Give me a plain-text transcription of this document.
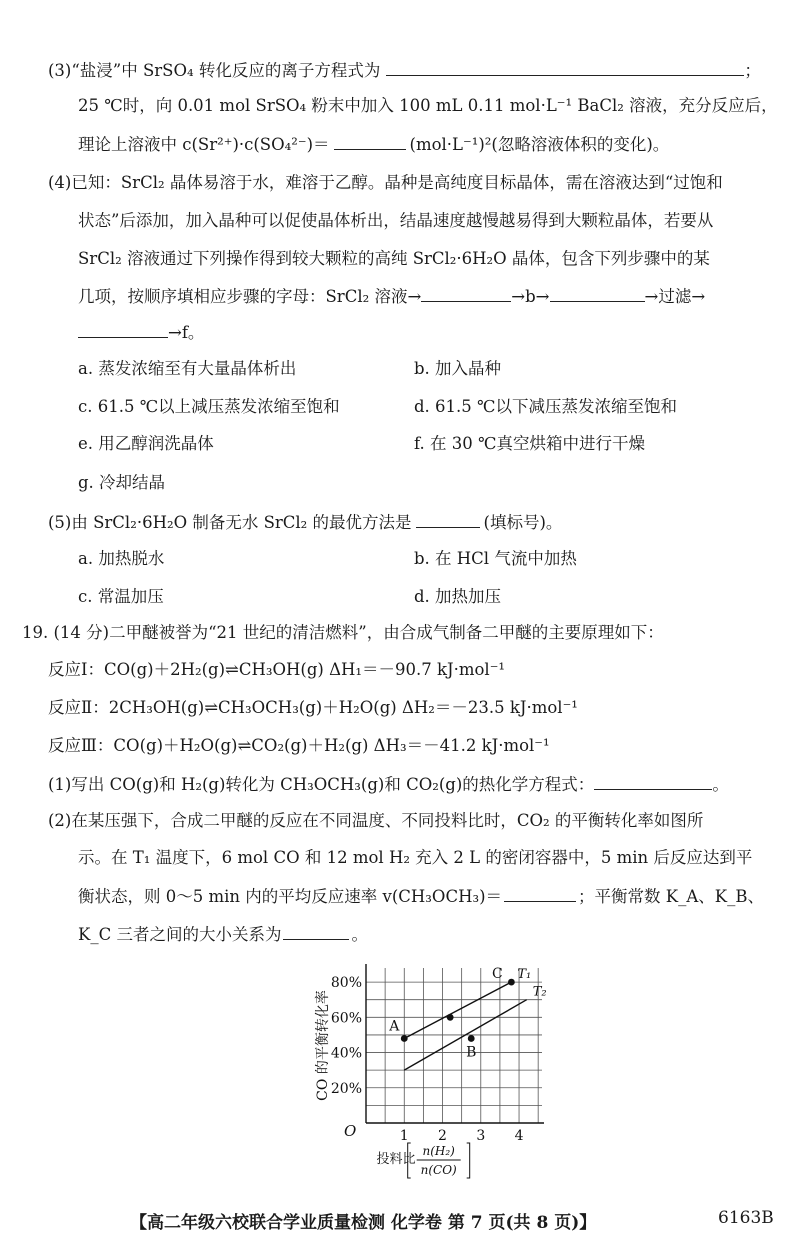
(3)“盐浸”中 SrSO₄ 转化反应的离子方程式为	；
25 ℃时，向 0.01 mol SrSO₄ 粉末中加入 100 mL 0.11 mol·L⁻¹ BaCl₂ 溶液，充分反应后，
理论上溶液中 c(Sr²⁺)·c(SO₄²⁻)＝	(mol·L⁻¹)²(忽略溶液体积的变化)。
(4)已知：SrCl₂ 晶体易溶于水，难溶于乙醇。晶种是高纯度目标晶体，需在溶液达到“过饱和
状态”后添加，加入晶种可以促使晶体析出，结晶速度越慢越易得到大颗粒晶体，若要从
SrCl₂ 溶液通过下列操作得到较大颗粒的高纯 SrCl₂·6H₂O 晶体，包含下列步骤中的某
几项，按顺序填相应步骤的字母：SrCl₂ 溶液→	→b→	→过滤→
→f。
a. 蒸发浓缩至有大量晶体析出	b. 加入晶种
c. 61.5 ℃以上减压蒸发浓缩至饱和	d. 61.5 ℃以下减压蒸发浓缩至饱和
e. 用乙醇润洗晶体	f. 在 30 ℃真空烘箱中进行干燥
g. 冷却结晶
(5)由 SrCl₂·6H₂O 制备无水 SrCl₂ 的最优方法是	(填标号)。
a. 加热脱水	b. 在 HCl 气流中加热
c. 常温加压	d. 加热加压
19. (14 分)二甲醚被誉为“21 世纪的清洁燃料”，由合成气制备二甲醚的主要原理如下：
反应Ⅰ：CO(g)＋2H₂(g)⇌CH₃OH(g) ΔH₁＝－90.7 kJ·mol⁻¹
反应Ⅱ：2CH₃OH(g)⇌CH₃OCH₃(g)＋H₂O(g) ΔH₂＝－23.5 kJ·mol⁻¹
反应Ⅲ：CO(g)＋H₂O(g)⇌CO₂(g)＋H₂(g) ΔH₃＝－41.2 kJ·mol⁻¹
(1)写出 CO(g)和 H₂(g)转化为 CH₃OCH₃(g)和 CO₂(g)的热化学方程式：	。
(2)在某压强下，合成二甲醚的反应在不同温度、不同投料比时，CO₂ 的平衡转化率如图所
示。在 T₁ 温度下，6 mol CO 和 12 mol H₂ 充入 2 L 的密闭容器中，5 min 后反应达到平
衡状态，则 0～5 min 内的平均反应速率 v(CH₃OCH₃)＝	；平衡常数 K_A、K_B、
K_C 三者之间的大小关系为	。
20%
40%
60%
80%
1 2 3 4
O
CO 的平衡转化率
投料比
n(H₂)
n(CO)
T₁
T₂
A
C
B
【高二年级六校联合学业质量检测 化学卷 第 7 页(共 8 页)】	6163B
